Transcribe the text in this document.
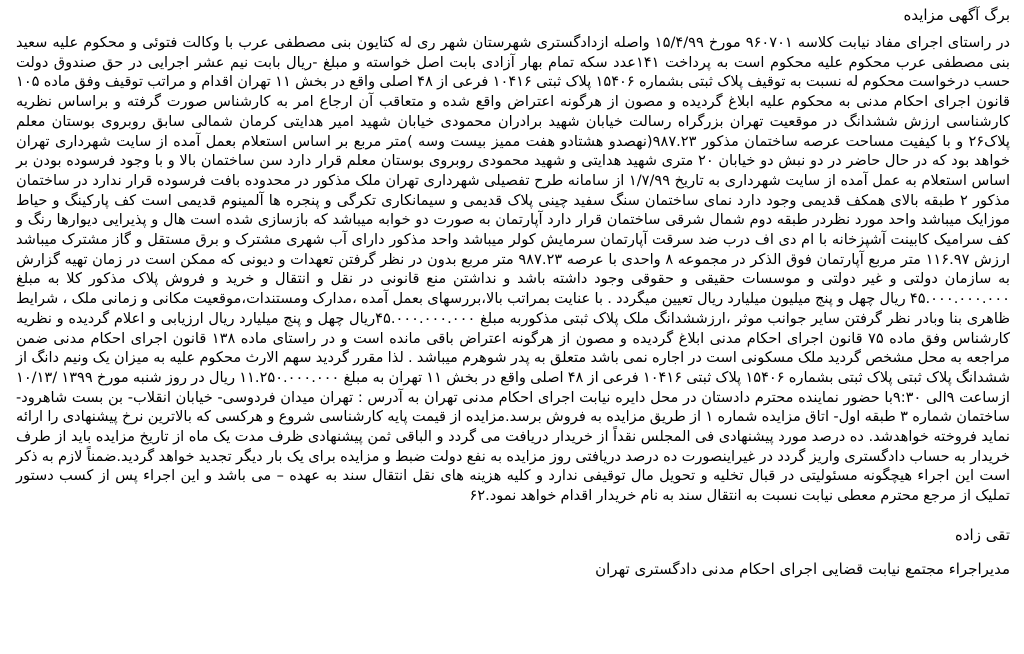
برگ آگهی مزایده

در راستای اجرای مفاد نیابت کلاسه ۹۶۰۷۰۱ مورخ ۱۵/۴/۹۹ واصله ازدادگستری شهرستان شهر ری له کتایون بنی مصطفی عرب با وکالت فتوئی و محکوم علیه سعید بنی مصطفی عرب محکوم علیه محکوم است به پرداخت ۱۴۱عدد سکه تمام بهار آزادی بابت اصل خواسته و مبلغ -ریال بابت نیم عشر اجرایی در حق صندوق دولت حسب درخواست محکوم له نسبت به توقیف پلاک ثبتی بشماره ۱۵۴۰۶ پلاک ثبتی ۱۰۴۱۶ فرعی از ۴۸ اصلی واقع در بخش ۱۱ تهران اقدام و مراتب توقیف وفق ماده ۱۰۵ قانون اجرای احکام مدنی به محکوم علیه ابلاغ گردیده و مصون از هرگونه اعتراض واقع شده و متعاقب آن ارجاع امر به کارشناس صورت گرفته و براساس نظریه کارشناسی ارزش ششدانگ در موقعیت تهران بزرگراه رسالت خیابان شهید برادران محمودی خیابان شهید امیر هدایتی کرمان شمالی سابق روبروی بوستان معلم پلاک۲۶ و با کیفیت مساحت عرصه ساختمان مذکور ۹۸۷.۲۳(نهصدو هشتادو هفت ممیز بیست وسه )متر مربع بر اساس استعلام بعمل آمده از سایت شهرداری تهران خواهد بود که در حال حاضر در دو نبش دو خیابان ۲۰ متری شهید هدایتی و شهید محمودی روبروی بوستان معلم قرار دارد سن ساختمان بالا و با وجود فرسوده بودن بر اساس استعلام به عمل آمده از سایت شهرداری به تاریخ ۱/۷/۹۹ از سامانه طرح تفصیلی شهرداری تهران ملک مذکور در محدوده بافت فرسوده قرار ندارد در ساختمان مذکور ۲ طبقه بالای همکف قدیمی وجود دارد نمای ساختمان سنگ سفید چینی پلاک قدیمی و سیمانکاری تکرگی و پنجره ها آلمینوم قدیمی است کف پارکینگ و حیاط موزایک میباشد واحد مورد نظردر طبقه دوم شمال شرقی ساختمان قرار دارد آپارتمان به صورت دو خوابه میباشد که بازسازی شده است هال و پذیرایی دیوارها رنگ و کف سرامیک کابینت آشپزخانه با ام دی اف درب ضد سرقت آپارتمان سرمایش کولر میباشد واحد مذکور دارای آب شهری مشترک و برق مستقل و گاز مشترک میباشد ارزش ۱۱۶.۹۷ متر مربع آپارتمان فوق الذکر در مجموعه ۸ واحدی با عرصه ۹۸۷.۲۳ متر مربع بدون در نظر گرفتن تعهدات و دیونی که ممکن است در زمان تهیه گزارش به سازمان دولتی و غیر دولتی و موسسات حقیقی و حقوقی وجود داشته باشد و نداشتن منع قانونی در نقل و انتقال و خرید و فروش پلاک مذکور کلا به مبلغ ۴۵.۰۰۰.۰۰۰.۰۰۰ ریال چهل و پنج میلیون میلیارد ریال تعیین میگردد . با عنایت بمراتب بالا،بررسهای بعمل آمده ،مدارک ومستندات،موقعیت مکانی و زمانی ملک ، شرایط ظاهری بنا وبادر نظر گرفتن سایر جوانب موثر ،ارزششدانگ ملک پلاک ثبتی مذکوربه مبلغ ۴۵.۰۰۰.۰۰۰.۰۰۰ریال چهل و پنج میلیارد ریال ارزیابی و اعلام گردیده و نظریه کارشناس وفق ماده ۷۵ قانون اجرای احکام مدنی ابلاغ گردیده و مصون از هرگونه اعتراض باقی مانده است و در راستای ماده ۱۳۸ قانون اجرای احکام مدنی ضمن مراجعه به محل مشخص گردید ملک مسکونی است در اجاره نمی باشد متعلق به پدر شوهرم میباشد . لذا مقرر گردید سهم الارث محکوم علیه به میزان یک ونیم دانگ از ششدانگ پلاک ثبتی پلاک ثبتی بشماره ۱۵۴۰۶ پلاک ثبتی ۱۰۴۱۶ فرعی از ۴۸ اصلی واقع در بخش ۱۱ تهران به مبلغ ۱۱.۲۵۰.۰۰۰.۰۰۰ ریال در روز شنبه مورخ ۱۳۹۹ /۱۰/۱۳ ازساعت ۹الی ۹:۳۰با حضور نماینده محترم دادستان در محل دایره نیابت اجرای احکام مدنی تهران به آدرس : تهران میدان فردوسی- خیابان انقلاب- بن بست شاهرود- ساختمان شماره ۳ طبقه اول- اتاق مزایده شماره ۱ از طریق مزایده به فروش برسد.مزایده از قیمت پایه کارشناسی شروع و هرکسی که بالاترین نرخ پیشنهادی را ارائه نماید فروخته خواهدشد. ده درصد مورد پیشنهادی فی المجلس نقداً از خریدار دریافت می گردد و الباقی ثمن پیشنهادی ظرف مدت یک ماه از تاریخ مزایده باید از طرف خریدار به حساب دادگستری واریز گردد در غیراینصورت ده درصد دریافتی روز مزایده به نفع دولت ضبط و مزایده برای یک بار دیگر تجدید خواهد گردید.ضمناً لازم به ذکر است این اجراء هیچگونه مسئولیتی در قبال تخلیه و تحویل مال توقیفی ندارد و کلیه هزینه های نقل انتقال سند به عهده – می باشد و این اجراء پس از کسب دستور تملیک از مرجع محترم معطی نیابت نسبت به انتقال سند به نام خریدار اقدام خواهد نمود.۶۲

تقی زاده
مدیراجراء مجتمع نیابت قضایی اجرای احکام مدنی دادگستری تهران
